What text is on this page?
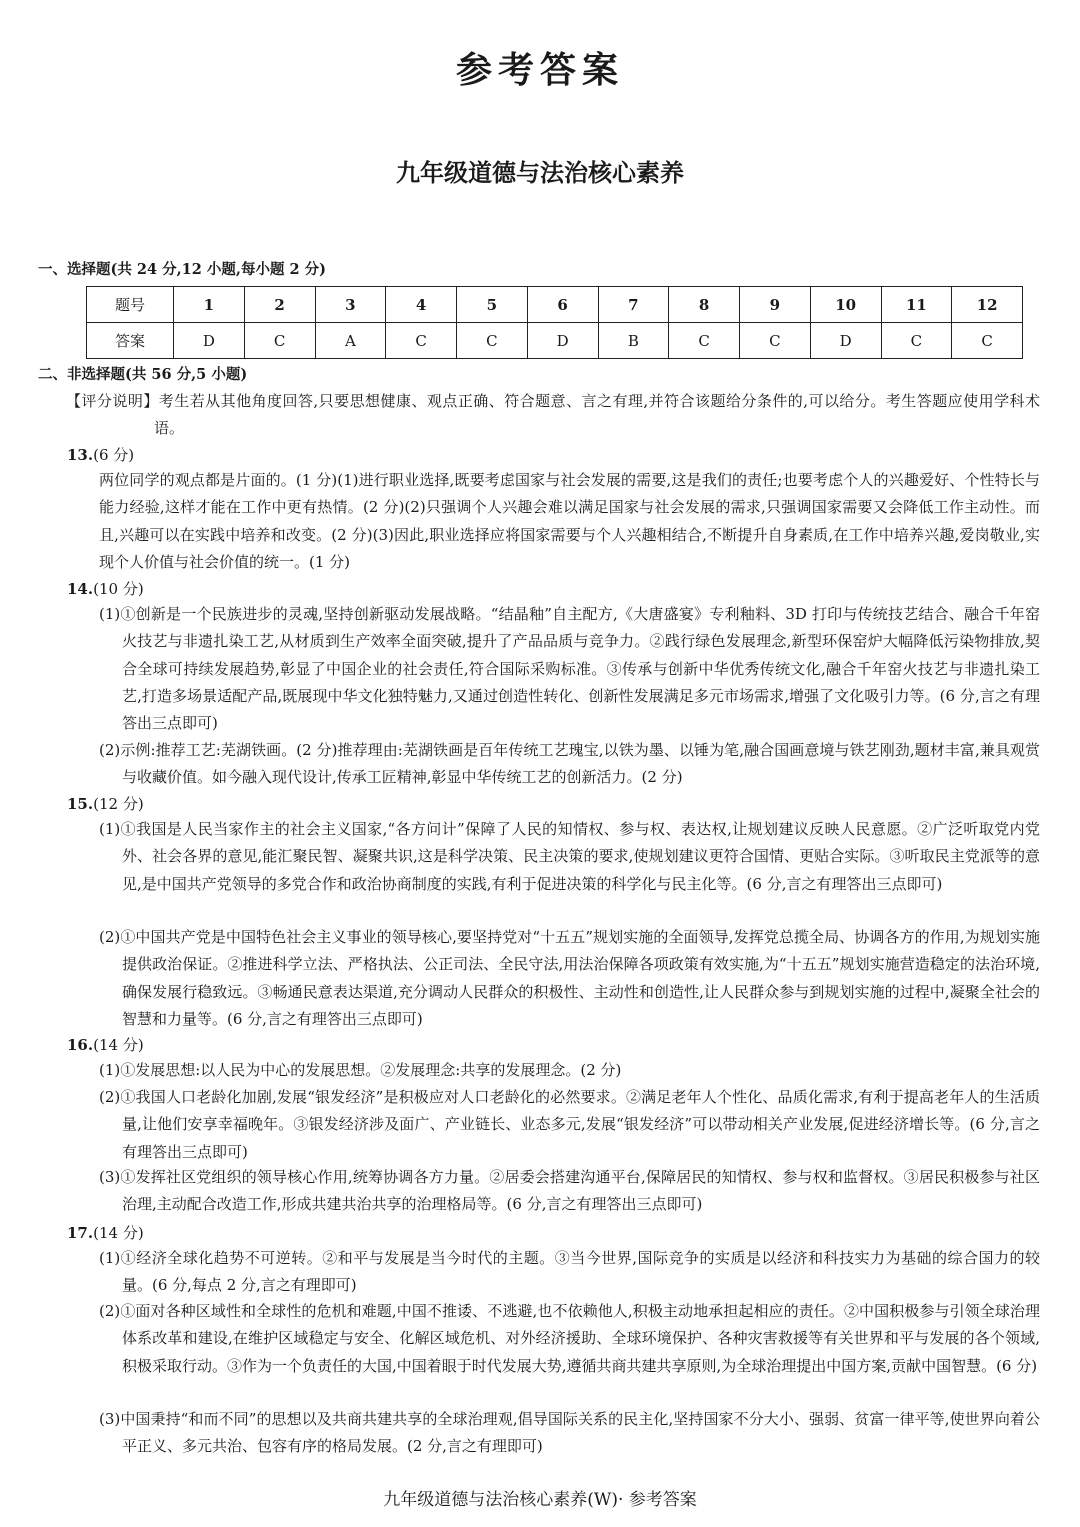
参考答案
九年级道德与法治核心素养
一、选择题(共 24 分,12 小题,每小题 2 分)
题号	1	2	3	4	5	6	7	8	9	10	11	12
答案	D	C	A	C	C	D	B	C	C	D	C	C
二、非选择题(共 56 分,5 小题)
【评分说明】考生若从其他角度回答,只要思想健康、观点正确、符合题意、言之有理,并符合该题给分条件的,可以给分。考生答题应使用学科术语。
13.(6 分)
两位同学的观点都是片面的。(1 分)(1)进行职业选择,既要考虑国家与社会发展的需要,这是我们的责任;也要考虑个人的兴趣爱好、个性特长与能力经验,这样才能在工作中更有热情。(2 分)(2)只强调个人兴趣会难以满足国家与社会发展的需求,只强调国家需要又会降低工作主动性。而且,兴趣可以在实践中培养和改变。(2 分)(3)因此,职业选择应将国家需要与个人兴趣相结合,不断提升自身素质,在工作中培养兴趣,爱岗敬业,实现个人价值与社会价值的统一。(1 分)
14.(10 分)
(1)①创新是一个民族进步的灵魂,坚持创新驱动发展战略。“结晶釉”自主配方,《大唐盛宴》专利釉料、3D 打印与传统技艺结合、融合千年窑火技艺与非遗扎染工艺,从材质到生产效率全面突破,提升了产品品质与竞争力。②践行绿色发展理念,新型环保窑炉大幅降低污染物排放,契合全球可持续发展趋势,彰显了中国企业的社会责任,符合国际采购标准。③传承与创新中华优秀传统文化,融合千年窑火技艺与非遗扎染工艺,打造多场景适配产品,既展现中华文化独特魅力,又通过创造性转化、创新性发展满足多元市场需求,增强了文化吸引力等。(6 分,言之有理答出三点即可)
(2)示例:推荐工艺:芜湖铁画。(2 分)推荐理由:芜湖铁画是百年传统工艺瑰宝,以铁为墨、以锤为笔,融合国画意境与铁艺刚劲,题材丰富,兼具观赏与收藏价值。如今融入现代设计,传承工匠精神,彰显中华传统工艺的创新活力。(2 分)
15.(12 分)
(1)①我国是人民当家作主的社会主义国家,“各方问计”保障了人民的知情权、参与权、表达权,让规划建议反映人民意愿。②广泛听取党内党外、社会各界的意见,能汇聚民智、凝聚共识,这是科学决策、民主决策的要求,使规划建议更符合国情、更贴合实际。③听取民主党派等的意见,是中国共产党领导的多党合作和政治协商制度的实践,有利于促进决策的科学化与民主化等。(6 分,言之有理答出三点即可)
(2)①中国共产党是中国特色社会主义事业的领导核心,要坚持党对“十五五”规划实施的全面领导,发挥党总揽全局、协调各方的作用,为规划实施提供政治保证。②推进科学立法、严格执法、公正司法、全民守法,用法治保障各项政策有效实施,为“十五五”规划实施营造稳定的法治环境,确保发展行稳致远。③畅通民意表达渠道,充分调动人民群众的积极性、主动性和创造性,让人民群众参与到规划实施的过程中,凝聚全社会的智慧和力量等。(6 分,言之有理答出三点即可)
16.(14 分)
(1)①发展思想:以人民为中心的发展思想。②发展理念:共享的发展理念。(2 分)
(2)①我国人口老龄化加剧,发展“银发经济”是积极应对人口老龄化的必然要求。②满足老年人个性化、品质化需求,有利于提高老年人的生活质量,让他们安享幸福晚年。③银发经济涉及面广、产业链长、业态多元,发展“银发经济”可以带动相关产业发展,促进经济增长等。(6 分,言之有理答出三点即可)
(3)①发挥社区党组织的领导核心作用,统筹协调各方力量。②居委会搭建沟通平台,保障居民的知情权、参与权和监督权。③居民积极参与社区治理,主动配合改造工作,形成共建共治共享的治理格局等。(6 分,言之有理答出三点即可)
17.(14 分)
(1)①经济全球化趋势不可逆转。②和平与发展是当今时代的主题。③当今世界,国际竞争的实质是以经济和科技实力为基础的综合国力的较量。(6 分,每点 2 分,言之有理即可)
(2)①面对各种区域性和全球性的危机和难题,中国不推诿、不逃避,也不依赖他人,积极主动地承担起相应的责任。②中国积极参与引领全球治理体系改革和建设,在维护区域稳定与安全、化解区域危机、对外经济援助、全球环境保护、各种灾害救援等有关世界和平与发展的各个领域,积极采取行动。③作为一个负责任的大国,中国着眼于时代发展大势,遵循共商共建共享原则,为全球治理提出中国方案,贡献中国智慧。(6 分)
(3)中国秉持“和而不同”的思想以及共商共建共享的全球治理观,倡导国际关系的民主化,坚持国家不分大小、强弱、贫富一律平等,使世界向着公平正义、多元共治、包容有序的格局发展。(2 分,言之有理即可)
九年级道德与法治核心素养(W)· 参考答案
